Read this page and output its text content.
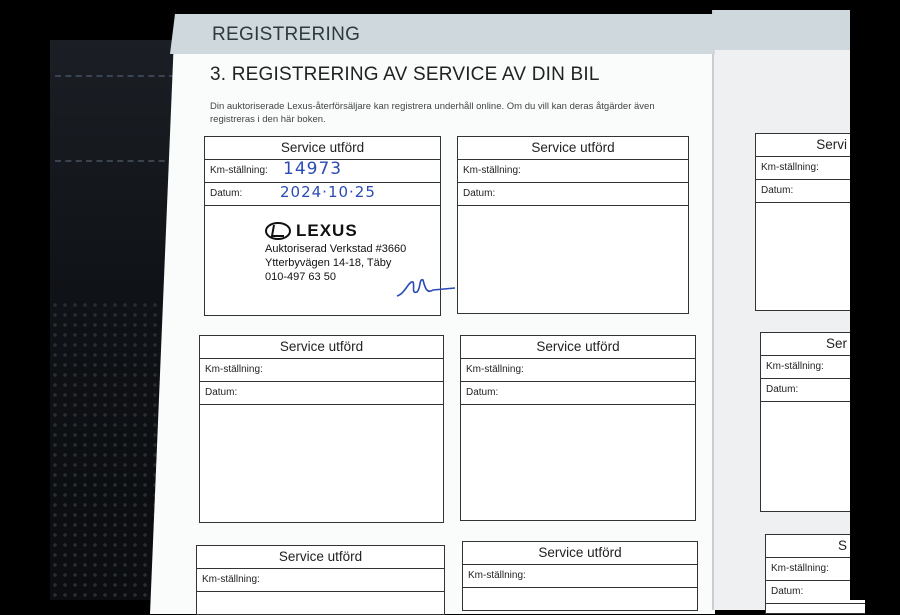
REGISTRERING
3. REGISTRERING AV SERVICE AV DIN BIL
Din auktoriserade Lexus-återförsäljare kan registrera underhåll online. Om du vill kan deras åtgärder även registreras i den här boken.
Service utförd
Km-ställning: 14973
Datum:	2024·10·25
LEXUS
Auktoriserad Verkstad #3660
Ytterbyvägen 14-18, Täby
010-497 63 50
Service utförd
Km-ställning:
Datum:
Service utförd
Km-ställning:
Datum:
Service utförd
Km-ställning:
Datum:
Service utförd
Km-ställning:
Service utförd
Km-ställning:
Servi
Km-ställning:
Datum:
Ser
Km-ställning:
Datum:
S
Km-ställning:
Datum:
